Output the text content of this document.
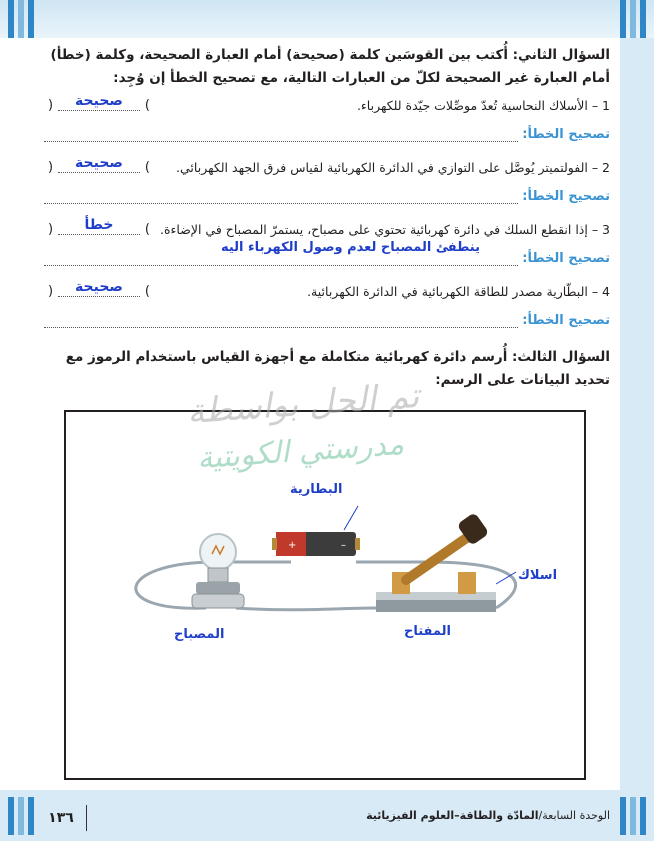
السؤال الثاني: أُكتب بين القوسَين كلمة (صحيحة) أمام العبارة الصحيحة، وكلمة (خطأ) أمام العبارة غير الصحيحة لكلّ من العبارات التالية، مع تصحيح الخطأ إن وُجِد:

1 – الأسلاك النحاسية تُعدّ موصِّلات جيّدة للكهرباء.
)	صحيحة	(
تصحيح الخطأ:
2 – الفولتميتر يُوصَّل على التوازي في الدائرة الكهربائية لقياس فرق الجهد الكهربائي.
)	صحيحة	(
تصحيح الخطأ:
3 – إذا انقطع السلك في دائرة كهربائية تحتوي على مصباح، يستمرّ المصباح في الإضاءة.
)	خطأ	(
تصحيح الخطأ:
ينطفئ المصباح لعدم وصول الكهرباء اليه
4 – البطّارية مصدر للطاقة الكهربائية في الدائرة الكهربائية.
)	صحيحة	(
تصحيح الخطأ:

السؤال الثالث: أُرسم دائرة كهربائية متكاملة مع أجهزة القياس باستخدام الرموز مع تحديد البيانات على الرسم:

+	–
تم الحل بواسطة
مدرستي الكويتية
البطارية
اسلاك
المصباح	المفتاح
١٣٦	الوحدة السابعة/المادّة والطاقة–العلوم الفيزيائية
